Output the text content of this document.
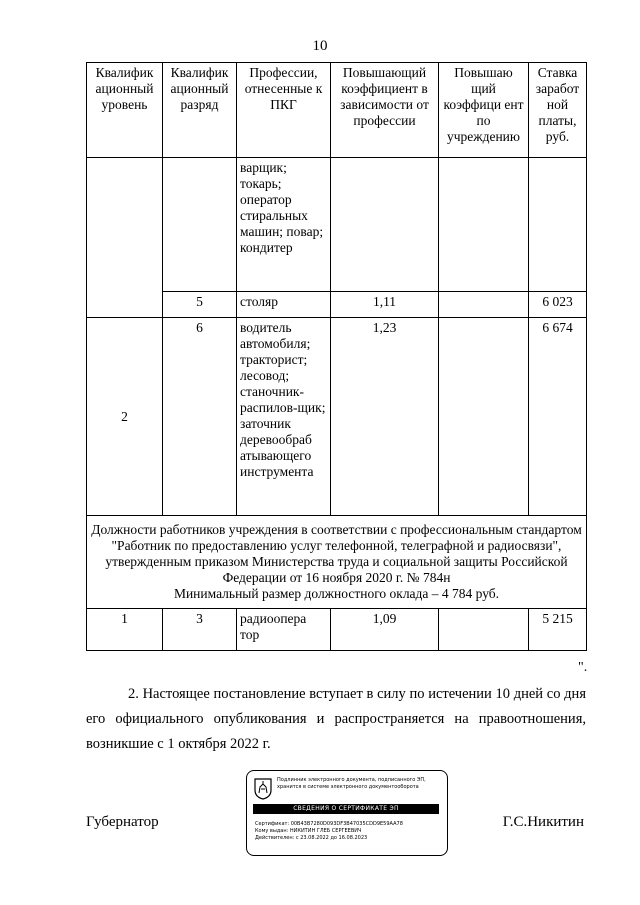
10
Квалифик ационный уровень	Квалифик ационный разряд	Профессии, отнесенные к ПКГ	Повышающий коэффициент в зависимости от профессии	Повышаю щий коэффици ент по учреждению	Ставка заработ ной платы, руб.
		варщик; токарь; оператор стиральных машин; повар; кондитер			
	5	столяр	1,11		6 023
2	6	водитель автомобиля; тракторист; лесовод; станочник-распилов-щик; заточник деревообраб атывающего инструмента	1,23		6 674

Должности работников учреждения в соответствии с профессиональным стандартом "Работник по предоставлению услуг телефонной, телеграфной и радиосвязи", утвержденным приказом Министерства труда и социальной защиты Российской Федерации от 16 ноября 2020 г. № 784н
Минимальный размер должностного оклада – 4 784 руб.					

1	3	радиоопера тор	1,09		5 215
".
2. Настоящее постановление вступает в силу по истечении 10 дней со дня его официального опубликования и распространяется на правоотношения, возникшие с 1 октября 2022 г.
Губернатор	Г.С.Никитин
Подлинник электронного документа, подписанного ЭП, хранится в системе электронного документооборота
СВЕДЕНИЯ О СЕРТИФИКАТЕ ЭП
Сертификат: 00B43B7280D093DF3B47035CDD9E59AA78
Кому выдан: НИКИТИН ГЛЕБ СЕРГЕЕВИЧ
Действителен: с 23.08.2022 до 16.08.2023
